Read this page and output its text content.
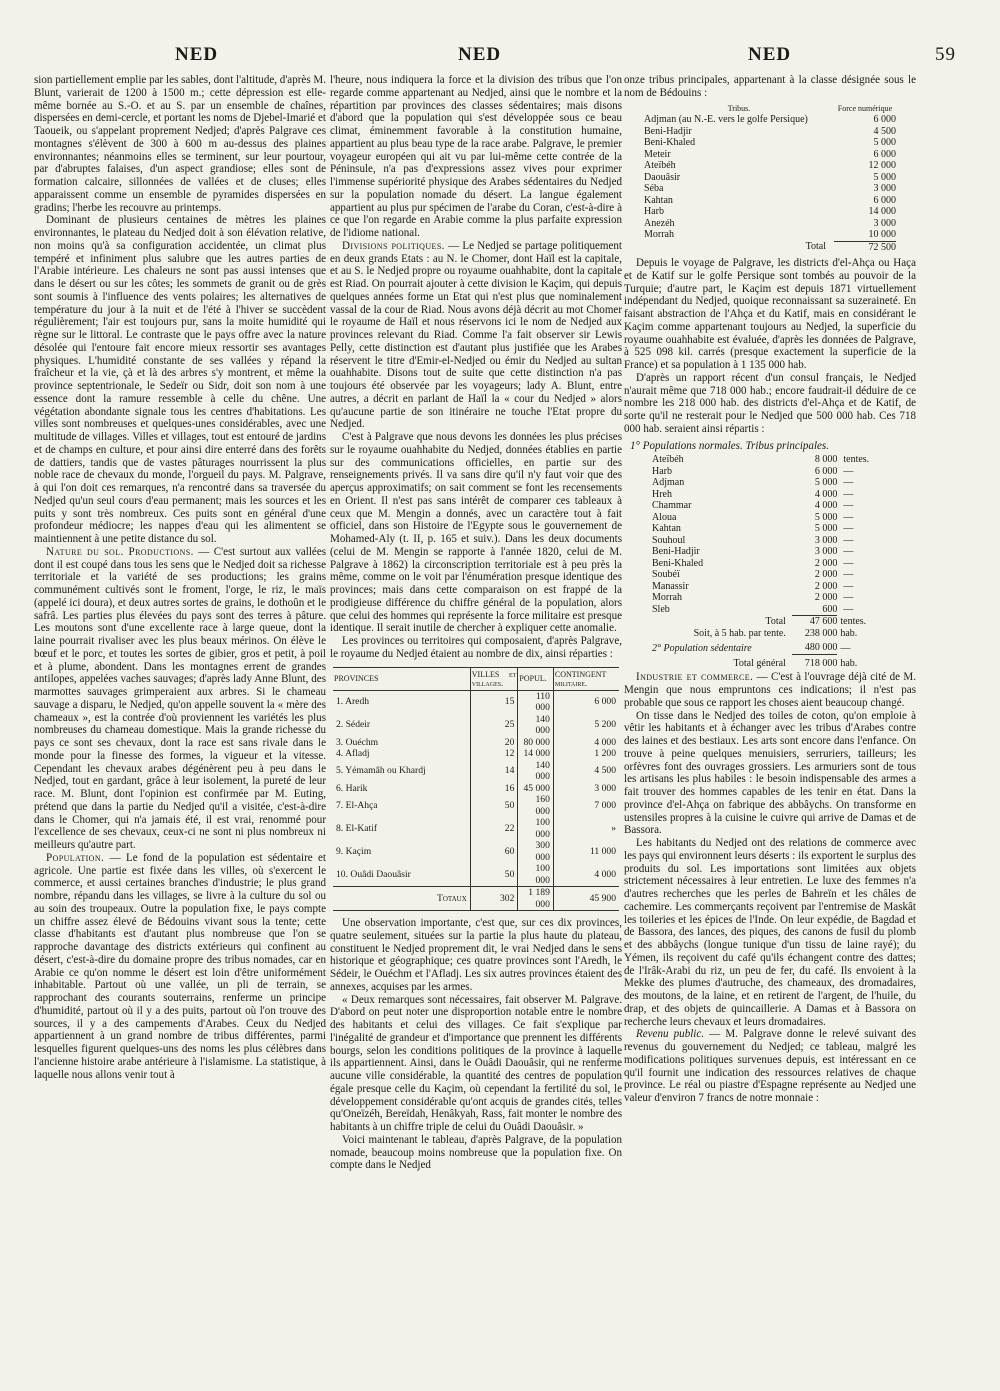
NED	NED	NED	59

sion partiellement emplie par les sables, dont l'altitude, d'après M. Blunt, varierait de 1200 à 1500 m.; cette dépression est elle-même bornée au S.-O. et au S. par un ensemble de chaînes, dispersées en demi-cercle, et portant les noms de Djebel-Imarié et Taoueik, ou s'appelant proprement Nedjed; d'après Palgrave ces montagnes s'élèvent de 300 à 600 m au-dessus des plaines environnantes; néanmoins elles se terminent, sur leur pourtour, par d'abruptes falaises, d'un aspect grandiose; elles sont de formation calcaire, sillonnées de vallées et de cluses; elles apparaissent comme un ensemble de pyramides dispersées en gradins; l'herbe les recouvre au printemps.

Dominant de plusieurs centaines de mètres les plaines environnantes, le plateau du Nedjed doit à son élévation relative, non moins qu'à sa configuration accidentée, un climat plus tempéré et infiniment plus salubre que les autres parties de l'Arabie intérieure. Les chaleurs ne sont pas aussi intenses que dans le désert ou sur les côtes; les sommets de granit ou de grès sont soumis à l'influence des vents polaires; les alternatives de température du jour à la nuit et de l'été à l'hiver se succèdent régulièrement; l'air est toujours pur, sans la moite humidité qui règne sur le littoral. Le contraste que le pays offre avec la nature désolée qui l'entoure fait encore mieux ressortir ses avantages physiques. L'humidité constante de ses vallées y répand la fraîcheur et la vie, çà et là des arbres s'y montrent, et même la province septentrionale, le Sedeïr ou Sidr, doit son nom à une essence dont la ramure ressemble à celle du chêne. Une végétation abondante signale tous les centres d'habitations. Les villes sont nombreuses et quelques-unes considérables, avec une multitude de villages. Villes et villages, tout est entouré de jardins et de champs en culture, et pour ainsi dire enterré dans des forêts de dattiers, tandis que de vastes pâturages nourrissent la plus noble race de chevaux du monde, l'orgueil du pays. M. Palgrave, à qui l'on doit ces remarques, n'a rencontré dans sa traversée du Nedjed qu'un seul cours d'eau permanent; mais les sources et les puits y sont très nombreux. Ces puits sont en général d'une profondeur médiocre; les nappes d'eau qui les alimentent se maintiennent à une petite distance du sol.

Nature du sol. Productions. — C'est surtout aux vallées dont il est coupé dans tous les sens que le Nedjed doit sa richesse territoriale et la variété de ses productions; les grains communément cultivés sont le froment, l'orge, le riz, le maïs (appelé ici doura), et deux autres sortes de grains, le dothoûn et le safrâ. Les parties plus élevées du pays sont des terres à pâture. Les moutons sont d'une excellente race à large queue, dont la laine pourrait rivaliser avec les plus beaux mérinos. On élève le bœuf et le porc, et toutes les sortes de gibier, gros et petit, à poil et à plume, abondent. Dans les montagnes errent de grandes antilopes, appelées vaches sauvages; d'après lady Anne Blunt, des marmottes sauvages grimperaient aux arbres. Si le chameau sauvage a disparu, le Nedjed, qu'on appelle souvent la « mère des chameaux », est la contrée d'où proviennent les variétés les plus nombreuses du chameau domestique. Mais la grande richesse du pays ce sont ses chevaux, dont la race est sans rivale dans le monde pour la finesse des formes, la vigueur et la vitesse. Cependant les chevaux arabes dégénèrent peu à peu dans le Nedjed, tout en gardant, grâce à leur isolement, la pureté de leur race. M. Blunt, dont l'opinion est confirmée par M. Euting, prétend que dans la partie du Nedjed qu'il a visitée, c'est-à-dire dans le Chomer, qui n'a jamais été, il est vrai, renommé pour l'excellence de ses chevaux, ceux-ci ne sont ni plus nombreux ni meilleurs qu'autre part.

Population. — Le fond de la population est sédentaire et agricole. Une partie est fixée dans les villes, où s'exercent le commerce, et aussi certaines branches d'industrie; le plus grand nombre, répandu dans les villages, se livre à la culture du sol ou au soin des troupeaux. Outre la population fixe, le pays compte un chiffre assez élevé de Bédouins vivant sous la tente; cette classe d'habitants est d'autant plus nombreuse que l'on se rapproche davantage des districts extérieurs qui confinent au désert, c'est-à-dire du domaine propre des tribus nomades, car en Arabie ce qu'on nomme le désert est loin d'être uniformément inhabitable. Partout où une vallée, un pli de terrain, se rapprochant des courants souterrains, renferme un principe d'humidité, partout où il y a des puits, partout où l'on trouve des sources, il y a des campements d'Arabes. Ceux du Nedjed appartiennent à un grand nombre de tribus différentes, parmi lesquelles figurent quelques-uns des noms les plus célèbres dans l'ancienne histoire arabe antérieure à l'islamisme. La statistique, à laquelle nous allons venir tout à

l'heure, nous indiquera la force et la division des tribus que l'on regarde comme appartenant au Nedjed, ainsi que le nombre et la répartition par provinces des classes sédentaires; mais disons d'abord que la population qui s'est développée sous ce beau climat, éminemment favorable à la constitution humaine, appartient au plus beau type de la race arabe. Palgrave, le premier voyageur européen qui ait vu par lui-même cette contrée de la Péninsule, n'a pas d'expressions assez vives pour exprimer l'immense supériorité physique des Arabes sédentaires du Nedjed sur la population nomade du désert. La langue également appartient au plus pur spécimen de l'arabe du Coran, c'est-à-dire à ce que l'on regarde en Arabie comme la plus parfaite expression de l'idiome national.

Divisions politiques. — Le Nedjed se partage politiquement en deux grands Etats : au N. le Chomer, dont Haïl est la capitale, et au S. le Nedjed propre ou royaume ouahhabite, dont la capitale est Riad. On pourrait ajouter à cette division le Kaçim, qui depuis quelques années forme un Etat qui n'est plus que nominalement vassal de la cour de Riad. Nous avons déjà décrit au mot Chomer le royaume de Haïl et nous réservons ici le nom de Nedjed aux provinces relevant du Riad. Comme l'a fait observer sir Lewis Pelly, cette distinction est d'autant plus justifiée que les Arabes réservent le titre d'Emir-el-Nedjed ou émir du Nedjed au sultan ouahhabite. Disons tout de suite que cette distinction n'a pas toujours été observée par les voyageurs; lady A. Blunt, entre autres, a décrit en parlant de Haïl la « cour du Nedjed » alors qu'aucune partie de son itinéraire ne touche l'Etat propre du Nedjed.

C'est à Palgrave que nous devons les données les plus précises sur le royaume ouahhabite du Nedjed, données établies en partie sur des communications officielles, en partie sur des renseignements privés. Il va sans dire qu'il n'y faut voir que des aperçus approximatifs; on sait comment se font les recensements en Orient. Il n'est pas sans intérêt de comparer ces tableaux à ceux que M. Mengin a donnés, avec un caractère tout à fait officiel, dans son Histoire de l'Egypte sous le gouvernement de Mohamed-Aly (t. II, p. 165 et suiv.). Dans les deux documents (celui de M. Mengin se rapporte à l'année 1820, celui de M. Palgrave à 1862) la circonscription territoriale est à peu près la même, comme on le voit par l'énumération presque identique des provinces; mais dans cette comparaison on est frappé de la prodigieuse différence du chiffre général de la population, alors que celui des hommes qui représente la force militaire est presque identique. Il serait inutile de chercher à expliquer cette anomalie.

Les provinces ou territoires qui composaient, d'après Palgrave, le royaume du Nedjed étaient au nombre de dix, ainsi réparties :

PROVINCES	VILLES et villages.	POPUL.	CONTINGENT militaire.
1. Aredh	15	110 000	6 000
2. Sédeir	25	140 000	5 200
3. Ouéchm	20	80 000	4 000
4. Afladj	12	14 000	1 200
5. Yémamâh ou Khardj	14	140 000	4 500
6. Harik	16	45 000	3 000
7. El-Ahça	50	160 000	7 000
8. El-Katif	22	100 000	»
9. Kaçim	60	300 000	11 000
10. Ouâdi Daouâsir	50	100 000	4 000
Totaux	302	1 189 000	45 900

Une observation importante, c'est que, sur ces dix provinces, quatre seulement, situées sur la partie la plus haute du plateau, constituent le Nedjed proprement dit, le vrai Nedjed dans le sens historique et géographique; ces quatre provinces sont l'Aredh, le Sédeir, le Ouéchm et l'Afladj. Les six autres provinces étaient des annexes, acquises par les armes.

« Deux remarques sont nécessaires, fait observer M. Palgrave. D'abord on peut noter une disproportion notable entre le nombre des habitants et celui des villages. Ce fait s'explique par l'inégalité de grandeur et d'importance que prennent les différents bourgs, selon les conditions politiques de la province à laquelle ils appartiennent. Ainsi, dans le Ouâdi Daouâsir, qui ne renferme aucune ville considérable, la quantité des centres de population égale presque celle du Kaçim, où cependant la fertilité du sol, le développement considérable qu'ont acquis de grandes cités, telles qu'Oneïzéh, Bereïdah, Henâkyah, Rass, fait monter le nombre des habitants à un chiffre triple de celui du Ouâdi Daouâsir. »

Voici maintenant le tableau, d'après Palgrave, de la population nomade, beaucoup moins nombreuse que la population fixe. On compte dans le Nedjed

onze tribus principales, appartenant à la classe désignée sous le nom de Bédouins :

Tribus.	Force numérique
Adjman (au N.-E. vers le golfe Persique)	6 000
Beni-Hadjir	4 500
Beni-Khaled	5 000
Meteir	6 000
Ateïbéh	12 000
Daouâsir	5 000
Séba	3 000
Kahtan	6 000
Harb	14 000
Anezéh	3 000
Morrah	10 000
Total	72 500

Depuis le voyage de Palgrave, les districts d'el-Ahça ou Haça et de Katif sur le golfe Persique sont tombés au pouvoir de la Turquie; d'autre part, le Kaçim est depuis 1871 virtuellement indépendant du Nedjed, quoique reconnaissant sa suzeraineté. En faisant abstraction de l'Ahça et du Katif, mais en considérant le Kaçim comme appartenant toujours au Nedjed, la superficie du royaume ouahhabite est évaluée, d'après les données de Palgrave, à 525 098 kil. carrés (presque exactement la superficie de la France) et sa population à 1 135 000 hab.

D'après un rapport récent d'un consul français, le Nedjed n'aurait même que 718 000 hab.; encore faudrait-il déduire de ce nombre les 218 000 hab. des districts d'el-Ahça et de Katif, de sorte qu'il ne resterait pour le Nedjed que 500 000 hab. Ces 718 000 hab. seraient ainsi répartis :

1° Populations normales. Tribus principales.
Ateïbéh	8 000	tentes.
Harb	6 000	—
Adjman	5 000	—
Hreh	4 000	—
Chammar	4 000	—
Aloua	5 000	—
Kahtan	5 000	—
Souhoul	3 000	—
Beni-Hadjir	3 000	—
Beni-Khaled	2 000	—
Soubéï	2 000	—
Manassir	2 000	—
Morrah	2 000	—
Sleb	600	—
Total	47 600	tentes.
Soit, à 5 hab. par tente.	238 000	hab.
2° Population sédentaire	480 000	—
Total général	718 000	hab.

Industrie et commerce. — C'est à l'ouvrage déjà cité de M. Mengin que nous empruntons ces indications; il n'est pas probable que sous ce rapport les choses aient beaucoup changé.

On tisse dans le Nedjed des toiles de coton, qu'on emploie à vêtir les habitants et à échanger avec les tribus d'Arabes contre des laines et des bestiaux. Les arts sont encore dans l'enfance. On trouve à peine quelques menuisiers, serruriers, tailleurs; les orfèvres font des ouvrages grossiers. Les armuriers sont de tous les artisans les plus habiles : le besoin indispensable des armes a fait trouver des hommes capables de les tenir en état. Dans la province d'el-Ahça on fabrique des abbâychs. On transforme en ustensiles propres à la cuisine le cuivre qui arrive de Damas et de Bassora.

Les habitants du Nedjed ont des relations de commerce avec les pays qui environnent leurs déserts : ils exportent le surplus des produits du sol. Les importations sont limitées aux objets strictement nécessaires à leur entretien. Le luxe des femmes n'a d'autres recherches que les perles de Bahreïn et les châles de cachemire. Les commerçants reçoivent par l'entremise de Maskât les toileries et les épices de l'Inde. On leur expédie, de Bagdad et de Bassora, des lances, des piques, des canons de fusil du plomb et des abbâychs (longue tunique d'un tissu de laine rayé); du Yémen, ils reçoivent du café qu'ils échangent contre des dattes; de l'Irâk-Arabi du riz, un peu de fer, du café. Ils envoient à la Mekke des plumes d'autruche, des chameaux, des dromadaires, des moutons, de la laine, et en retirent de l'argent, de l'huile, du drap, et des objets de quincaillerie. A Damas et à Bassora on recherche leurs chevaux et leurs dromadaires.

Revenu public. — M. Palgrave donne le relevé suivant des revenus du gouvernement du Nedjed; ce tableau, malgré les modifications politiques survenues depuis, est intéressant en ce qu'il fournit une indication des ressources relatives de chaque province. Le réal ou piastre d'Espagne représente au Nedjed une valeur d'environ 7 francs de notre monnaie :
